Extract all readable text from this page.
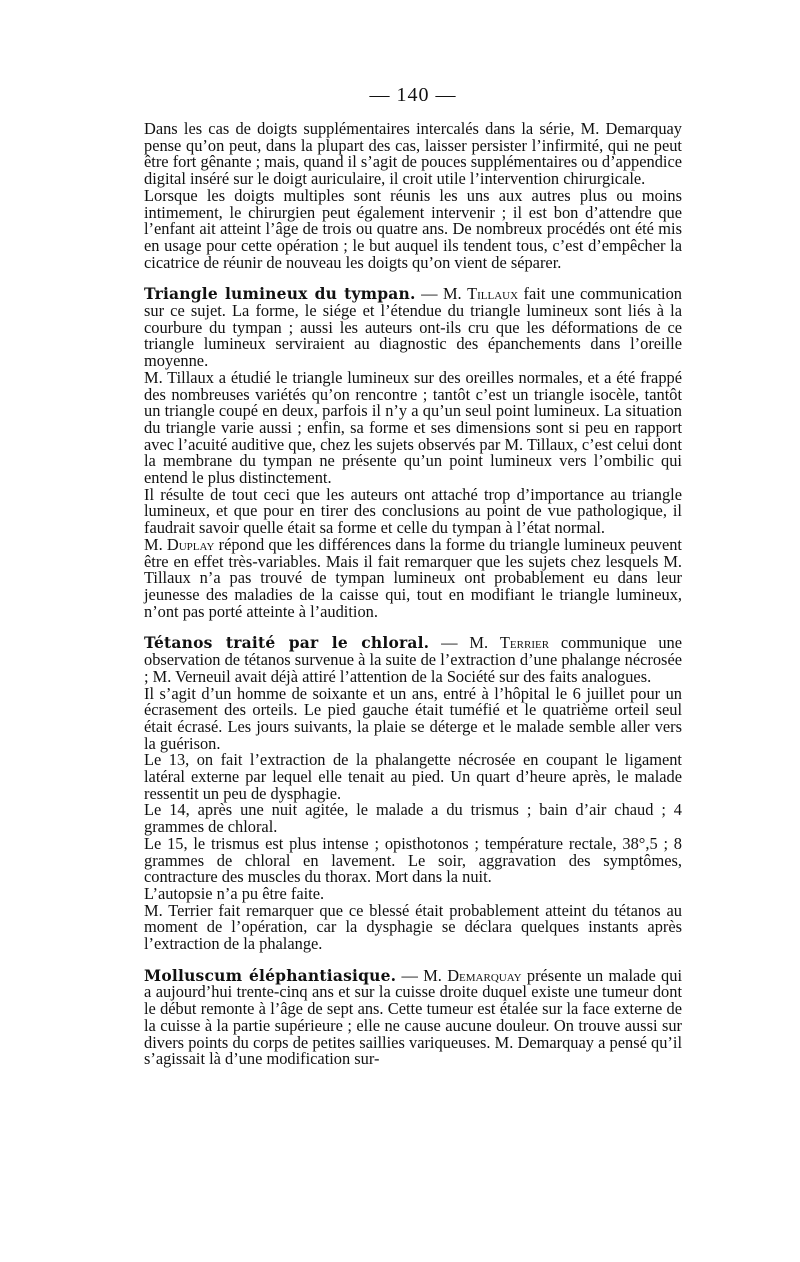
— 140 —

Dans les cas de doigts supplémentaires intercalés dans la série, M. Demarquay pense qu’on peut, dans la plupart des cas, laisser persister l’infirmité, qui ne peut être fort gênante ; mais, quand il s’agit de pouces supplémentaires ou d’appendice digital inséré sur le doigt auriculaire, il croit utile l’intervention chirurgicale.

Lorsque les doigts multiples sont réunis les uns aux autres plus ou moins intimement, le chirurgien peut également intervenir ; il est bon d’attendre que l’enfant ait atteint l’âge de trois ou quatre ans. De nombreux procédés ont été mis en usage pour cette opération ; le but auquel ils tendent tous, c’est d’empêcher la cicatrice de réunir de nouveau les doigts qu’on vient de séparer.

Triangle lumineux du tympan. — M. Tillaux fait une communication sur ce sujet. La forme, le siége et l’étendue du triangle lumineux sont liés à la courbure du tympan ; aussi les auteurs ont-ils cru que les déformations de ce triangle lumineux serviraient au diagnostic des épanchements dans l’oreille moyenne.

M. Tillaux a étudié le triangle lumineux sur des oreilles normales, et a été frappé des nombreuses variétés qu’on rencontre ; tantôt c’est un triangle isocèle, tantôt un triangle coupé en deux, parfois il n’y a qu’un seul point lumineux. La situation du triangle varie aussi ; enfin, sa forme et ses dimensions sont si peu en rapport avec l’acuité auditive que, chez les sujets observés par M. Tillaux, c’est celui dont la membrane du tympan ne présente qu’un point lumineux vers l’ombilic qui entend le plus distinctement.

Il résulte de tout ceci que les auteurs ont attaché trop d’importance au triangle lumineux, et que pour en tirer des conclusions au point de vue pathologique, il faudrait savoir quelle était sa forme et celle du tympan à l’état normal.

M. Duplay répond que les différences dans la forme du triangle lumineux peuvent être en effet très-variables. Mais il fait remarquer que les sujets chez lesquels M. Tillaux n’a pas trouvé de tympan lumineux ont probablement eu dans leur jeunesse des maladies de la caisse qui, tout en modifiant le triangle lumineux, n’ont pas porté atteinte à l’audition.

Tétanos traité par le chloral. — M. Terrier communique une observation de tétanos survenue à la suite de l’extraction d’une phalange nécrosée ; M. Verneuil avait déjà attiré l’attention de la Société sur des faits analogues.

Il s’agit d’un homme de soixante et un ans, entré à l’hôpital le 6 juillet pour un écrasement des orteils. Le pied gauche était tuméfié et le quatrième orteil seul était écrasé. Les jours suivants, la plaie se déterge et le malade semble aller vers la guérison.

Le 13, on fait l’extraction de la phalangette nécrosée en coupant le ligament latéral externe par lequel elle tenait au pied. Un quart d’heure après, le malade ressentit un peu de dysphagie.

Le 14, après une nuit agitée, le malade a du trismus ; bain d’air chaud ; 4 grammes de chloral.

Le 15, le trismus est plus intense ; opisthotonos ; température rectale, 38°,5 ; 8 grammes de chloral en lavement. Le soir, aggravation des symptômes, contracture des muscles du thorax. Mort dans la nuit.

L’autopsie n’a pu être faite.

M. Terrier fait remarquer que ce blessé était probablement atteint du tétanos au moment de l’opération, car la dysphagie se déclara quelques instants après l’extraction de la phalange.

Molluscum éléphantiasique. — M. Demarquay présente un malade qui a aujourd’hui trente-cinq ans et sur la cuisse droite duquel existe une tumeur dont le début remonte à l’âge de sept ans. Cette tumeur est étalée sur la face externe de la cuisse à la partie supérieure ; elle ne cause aucune douleur. On trouve aussi sur divers points du corps de petites saillies variqueuses. M. Demarquay a pensé qu’il s’agissait là d’une modification sur-
